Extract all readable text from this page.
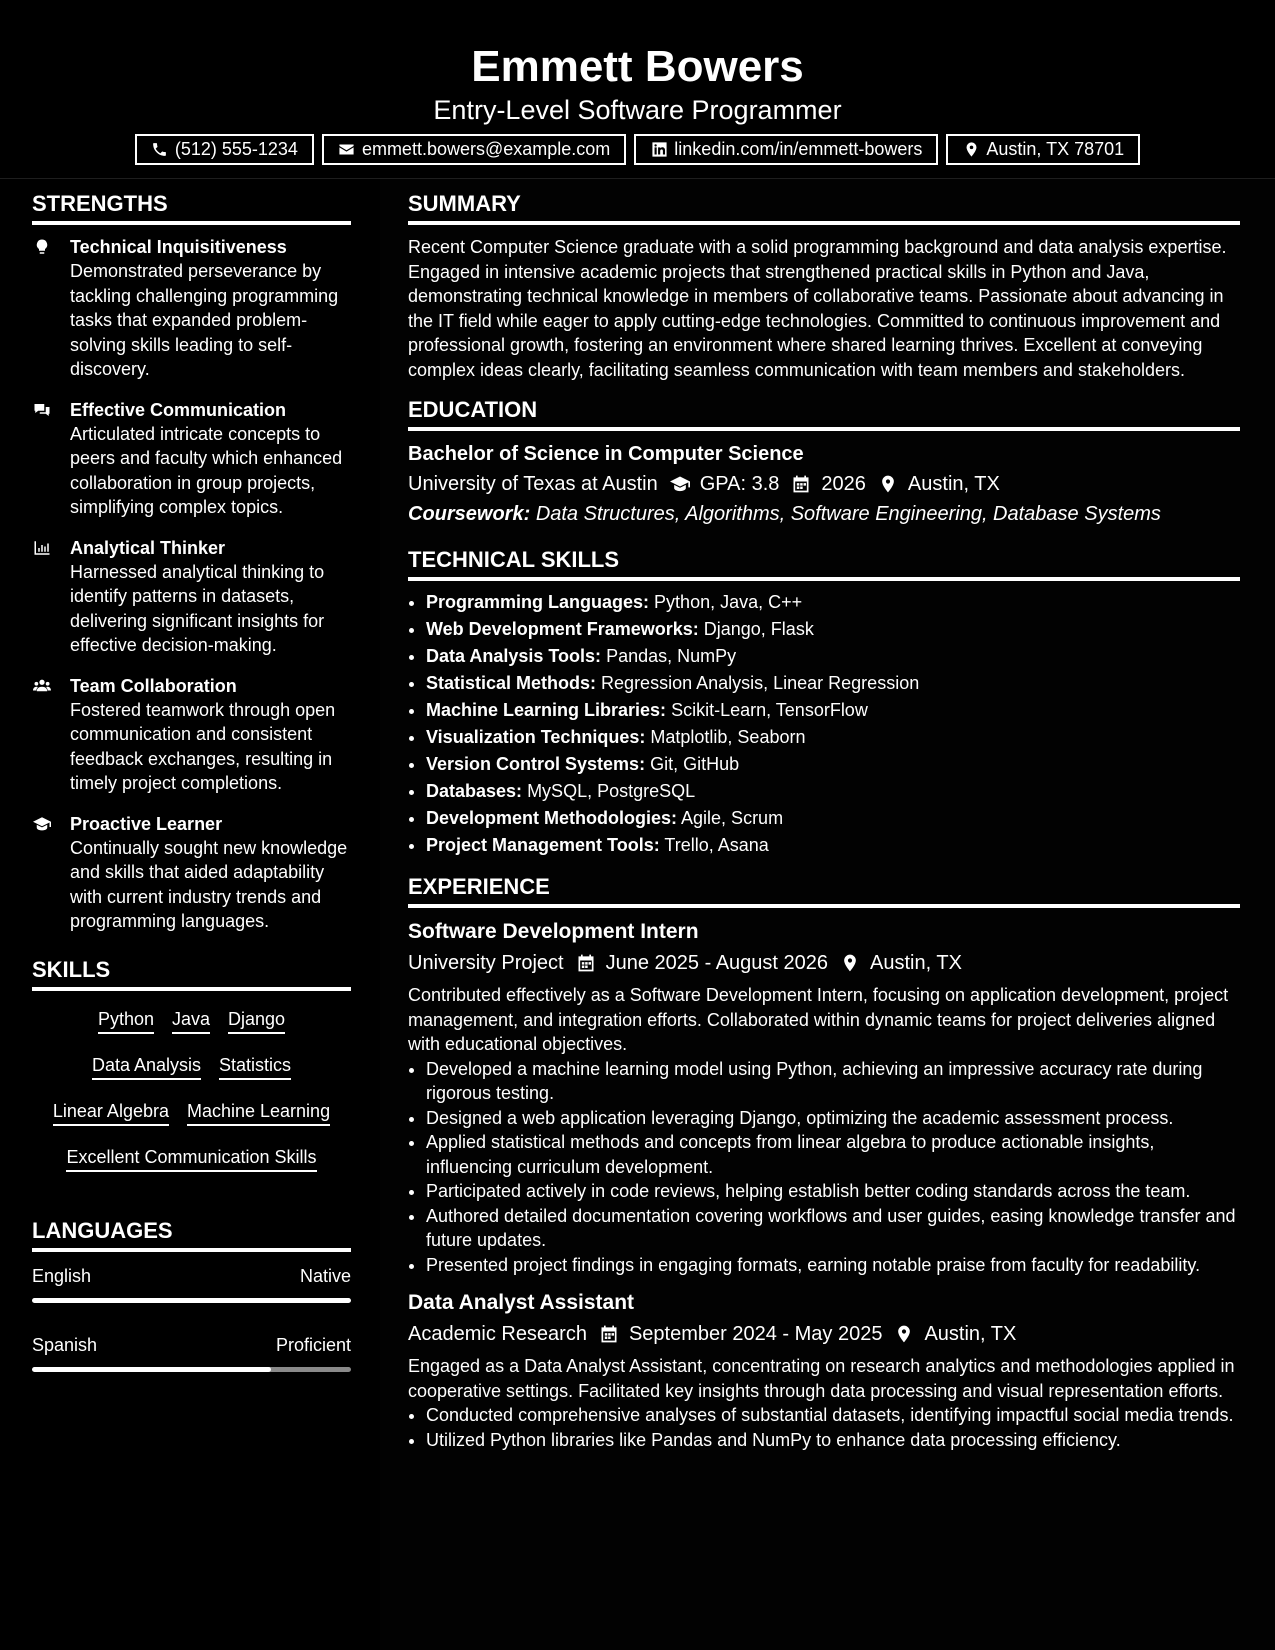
Emmett Bowers
Entry-Level Software Programmer
(512) 555-1234	emmett.bowers@example.com	linkedin.com/in/emmett-bowers	Austin, TX 78701
STRENGTHS
Technical Inquisitiveness
Demonstrated perseverance by tackling challenging programming tasks that expanded problem-solving skills leading to self-discovery.
Effective Communication
Articulated intricate concepts to peers and faculty which enhanced collaboration in group projects, simplifying complex topics.
Analytical Thinker
Harnessed analytical thinking to identify patterns in datasets, delivering significant insights for effective decision-making.
Team Collaboration
Fostered teamwork through open communication and consistent feedback exchanges, resulting in timely project completions.
Proactive Learner
Continually sought new knowledge and skills that aided adaptability with current industry trends and programming languages.
SKILLS
Python Java Django
Data Analysis Statistics
Linear Algebra Machine Learning
Excellent Communication Skills
LANGUAGES
English	Native
Spanish	Proficient
SUMMARY
Recent Computer Science graduate with a solid programming background and data analysis expertise. Engaged in intensive academic projects that strengthened practical skills in Python and Java, demonstrating technical knowledge in members of collaborative teams. Passionate about advancing in the IT field while eager to apply cutting-edge technologies. Committed to continuous improvement and professional growth, fostering an environment where shared learning thrives. Excellent at conveying complex ideas clearly, facilitating seamless communication with team members and stakeholders.
EDUCATION
Bachelor of Science in Computer Science
University of Texas at Austin GPA: 3.8 2026 Austin, TX
Coursework: Data Structures, Algorithms, Software Engineering, Database Systems
TECHNICAL SKILLS
• Programming Languages: Python, Java, C++
• Web Development Frameworks: Django, Flask
• Data Analysis Tools: Pandas, NumPy
• Statistical Methods: Regression Analysis, Linear Regression
• Machine Learning Libraries: Scikit-Learn, TensorFlow
• Visualization Techniques: Matplotlib, Seaborn
• Version Control Systems: Git, GitHub
• Databases: MySQL, PostgreSQL
• Development Methodologies: Agile, Scrum
• Project Management Tools: Trello, Asana
EXPERIENCE
Software Development Intern
University Project June 2025 - August 2026 Austin, TX
Contributed effectively as a Software Development Intern, focusing on application development, project management, and integration efforts. Collaborated within dynamic teams for project deliveries aligned with educational objectives.
• Developed a machine learning model using Python, achieving an impressive accuracy rate during rigorous testing.
• Designed a web application leveraging Django, optimizing the academic assessment process.
• Applied statistical methods and concepts from linear algebra to produce actionable insights, influencing curriculum development.
• Participated actively in code reviews, helping establish better coding standards across the team.
• Authored detailed documentation covering workflows and user guides, easing knowledge transfer and future updates.
• Presented project findings in engaging formats, earning notable praise from faculty for readability.
Data Analyst Assistant
Academic Research September 2024 - May 2025 Austin, TX
Engaged as a Data Analyst Assistant, concentrating on research analytics and methodologies applied in cooperative settings. Facilitated key insights through data processing and visual representation efforts.
• Conducted comprehensive analyses of substantial datasets, identifying impactful social media trends.
• Utilized Python libraries like Pandas and NumPy to enhance data processing efficiency.
